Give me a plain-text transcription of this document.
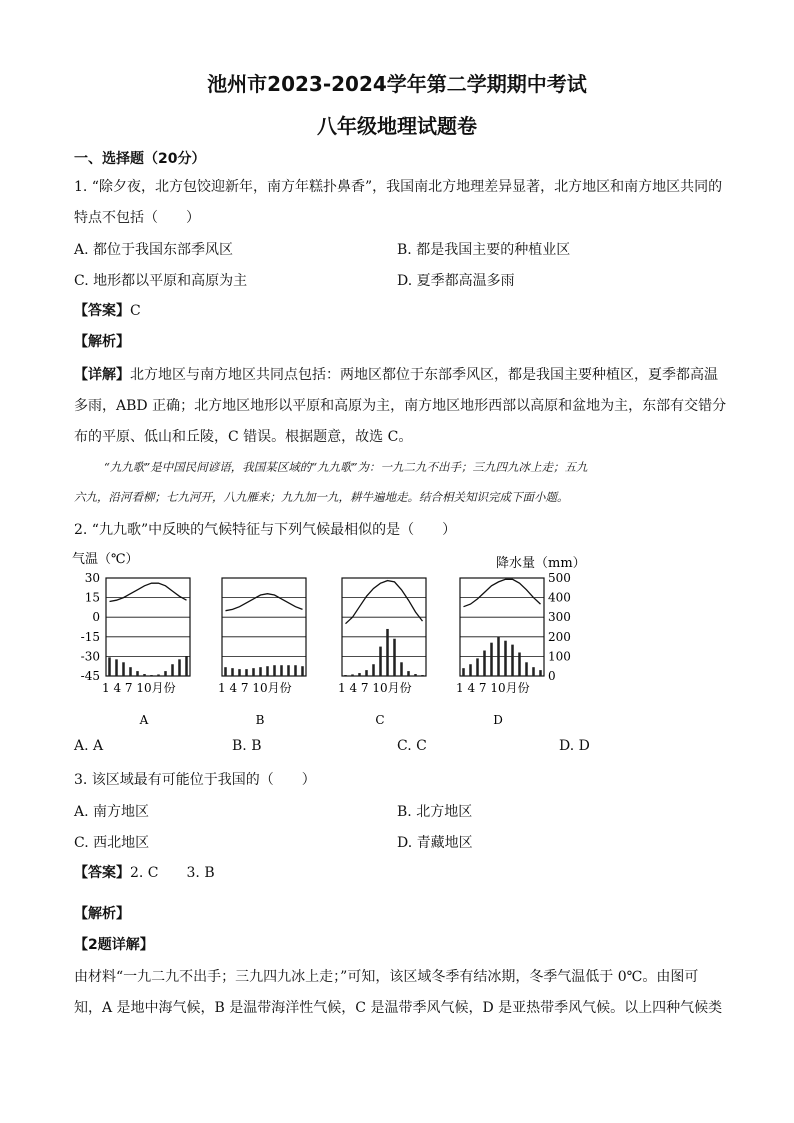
池州市2023-2024学年第二学期期中考试
八年级地理试题卷
一、选择题（20分）
1. “除夕夜，北方包饺迎新年，南方年糕扑鼻香”，我国南北方地理差异显著，北方地区和南方地区共同的
特点不包括（　　）
A. 都位于我国东部季风区	B. 都是我国主要的种植业区
C. 地形都以平原和高原为主	D. 夏季都高温多雨
【答案】C
【解析】
【详解】北方地区与南方地区共同点包括：两地区都位于东部季风区，都是我国主要种植区，夏季都高温
多雨，ABD 正确；北方地区地形以平原和高原为主，南方地区地形西部以高原和盆地为主，东部有交错分
布的平原、低山和丘陵，C 错误。根据题意，故选 C。
“九九歌”是中国民间谚语，我国某区域的“九九歌”为：一九二九不出手；三九四九冰上走；五九
六九，沿河看柳；七九河开，八九雁来；九九加一九，耕牛遍地走。结合相关知识完成下面小题。
2. “九九歌”中反映的气候特征与下列气候最相似的是（　　）
气温（℃）	降水量（mm）
30
15
0
-15
-30
-45
500
400
300
200
100
0
1 4 7 10月份	1 4 7 10月份	1 4 7 10月份	1 4 7 10月份
A	B	C	D
A. A	B. B	C. C	D. D
3. 该区域最有可能位于我国的（　　）
A. 南方地区	B. 北方地区
C. 西北地区	D. 青藏地区
【答案】2. C　　3. B
【解析】
【2题详解】
由材料“一九二九不出手；三九四九冰上走；”可知，该区域冬季有结冰期，冬季气温低于 0℃。由图可
知，A 是地中海气候，B 是温带海洋性气候，C 是温带季风气候，D 是亚热带季风气候。以上四种气候类
